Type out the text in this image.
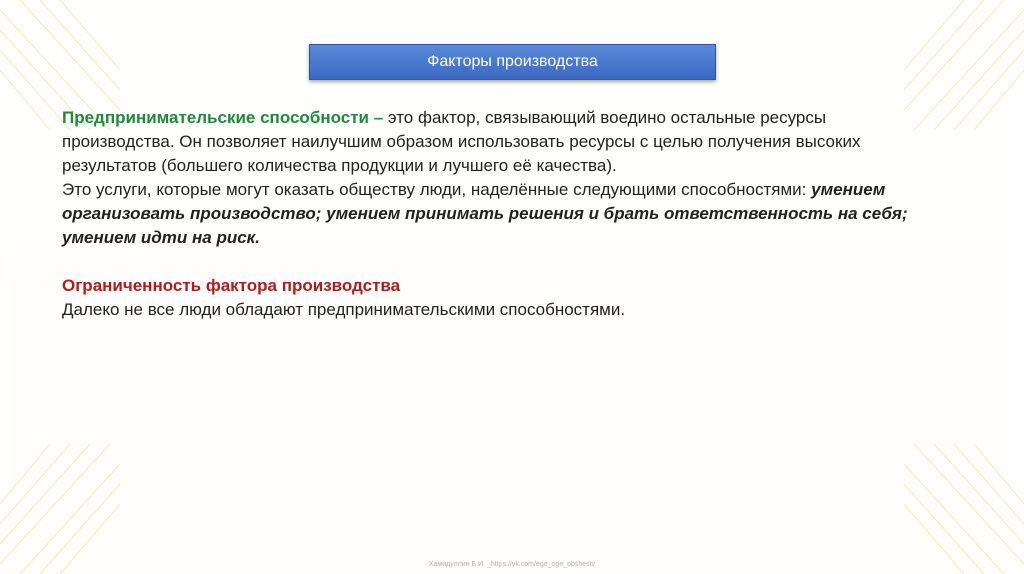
Факторы производства

Предпринимательские способности – это фактор, связывающий воедино остальные ресурсы производства. Он позволяет наилучшим образом использовать ресурсы с целью получения высоких результатов (большего количества продукции и лучшего её качества).

Это услуги, которые могут оказать обществу люди, наделённые следующими способностями: умением организовать производство; умением принимать решения и брать ответственность на себя; умением идти на риск.

Ограниченность фактора производства

Далеко не все люди обладают предпринимательскими способностями.

Хамидуллин Б.И. _https://vk.com/ege_oge_obshestv
